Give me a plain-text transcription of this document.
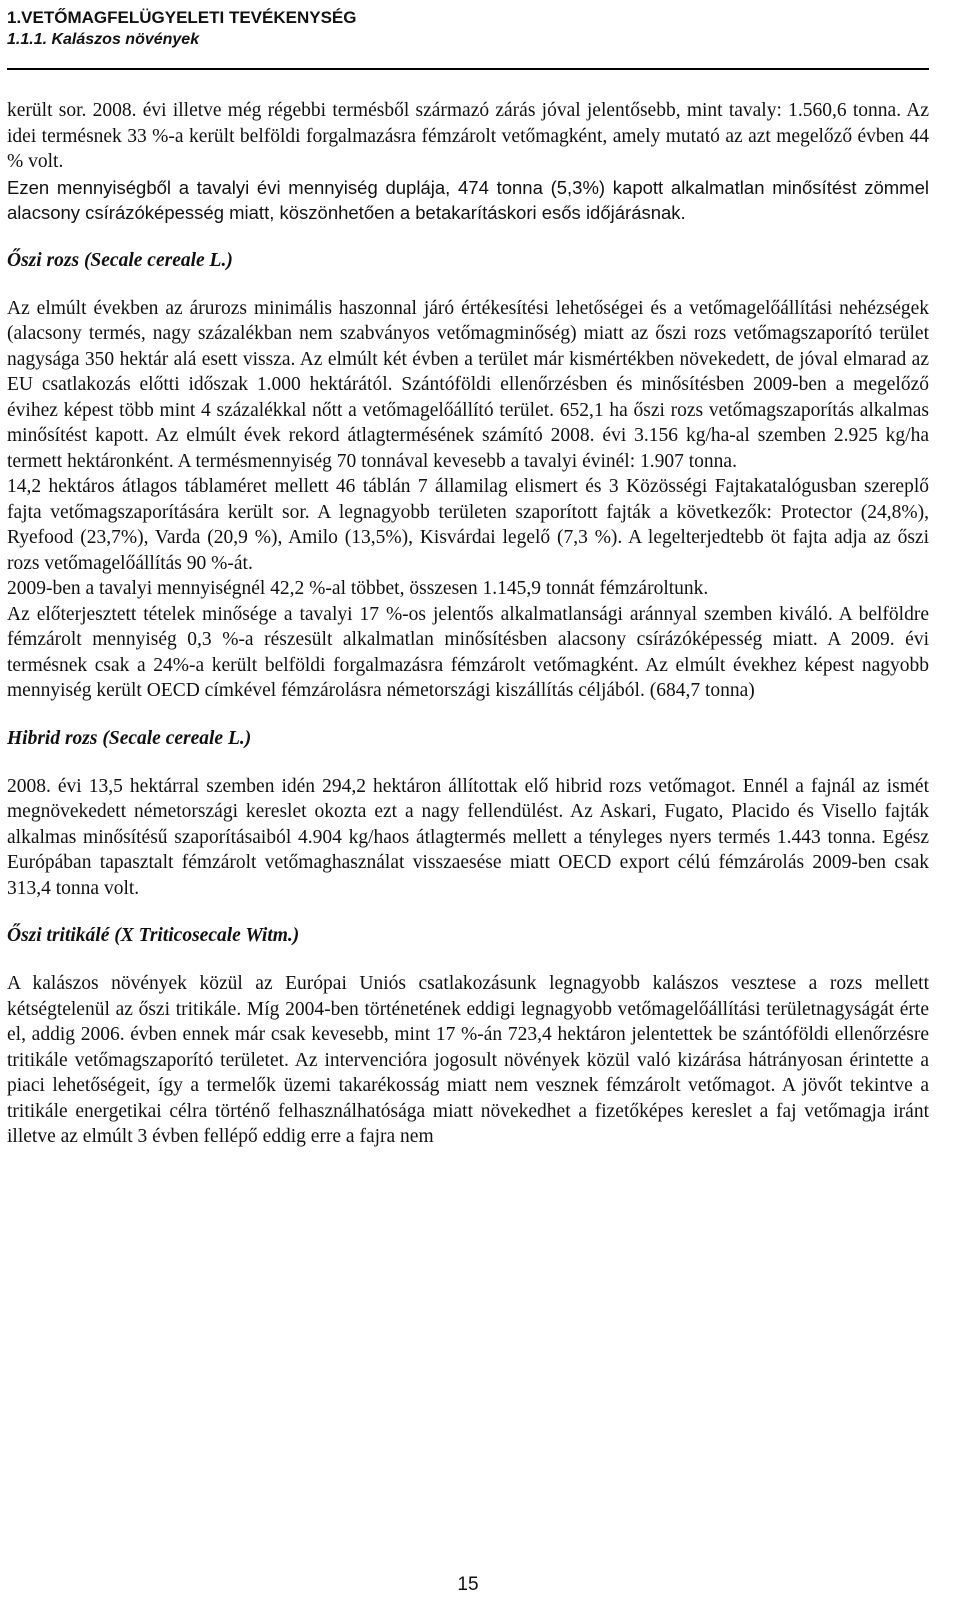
1.VETŐMAGFELÜGYELETI TEVÉKENYSÉG
1.1.1. Kalászos növények

került sor. 2008. évi illetve még régebbi termésből származó zárás jóval jelentősebb, mint tavaly: 1.560,6 tonna. Az idei termésnek 33 %-a került belföldi forgalmazásra fémzárolt vetőmagként, amely mutató az azt megelőző évben 44 % volt.

Ezen mennyiségből a tavalyi évi mennyiség duplája, 474 tonna (5,3%) kapott alkalmatlan minősítést zömmel alacsony csírázóképesség miatt, köszönhetően a betakarításkori esős időjárásnak.

Őszi rozs (Secale cereale L.)

Az elmúlt években az árurozs minimális haszonnal járó értékesítési lehetőségei és a vetőmagelőállítási nehézségek (alacsony termés, nagy százalékban nem szabványos vetőmagminőség) miatt az őszi rozs vetőmagszaporító terület nagysága 350 hektár alá esett vissza. Az elmúlt két évben a terület már kismértékben növekedett, de jóval elmarad az EU csatlakozás előtti időszak 1.000 hektárától. Szántóföldi ellenőrzésben és minősítésben 2009-ben a megelőző évihez képest több mint 4 százalékkal nőtt a vetőmagelőállító terület. 652,1 ha őszi rozs vetőmagszaporítás alkalmas minősítést kapott. Az elmúlt évek rekord átlagtermésének számító 2008. évi 3.156 kg/ha-al szemben 2.925 kg/ha termett hektáronként. A termésmennyiség 70 tonnával kevesebb a tavalyi évinél: 1.907 tonna.

14,2 hektáros átlagos táblaméret mellett 46 táblán 7 államilag elismert és 3 Közösségi Fajtakatalógusban szereplő fajta vetőmagszaporítására került sor. A legnagyobb területen szaporított fajták a következők: Protector (24,8%), Ryefood (23,7%), Varda (20,9 %), Amilo (13,5%), Kisvárdai legelő (7,3 %). A legelterjedtebb öt fajta adja az őszi rozs vetőmagelőállítás 90 %-át.

2009-ben a tavalyi mennyiségnél 42,2 %-al többet, összesen 1.145,9 tonnát fémzároltunk.

Az előterjesztett tételek minősége a tavalyi 17 %-os jelentős alkalmatlansági aránnyal szemben kiváló. A belföldre fémzárolt mennyiség 0,3 %-a részesült alkalmatlan minősítésben alacsony csírázóképesség miatt. A 2009. évi termésnek csak a 24%-a került belföldi forgalmazásra fémzárolt vetőmagként. Az elmúlt évekhez képest nagyobb mennyiség került OECD címkével fémzárolásra németországi kiszállítás céljából. (684,7 tonna)

Hibrid rozs (Secale cereale L.)

2008. évi 13,5 hektárral szemben idén 294,2 hektáron állítottak elő hibrid rozs vetőmagot. Ennél a fajnál az ismét megnövekedett németországi kereslet okozta ezt a nagy fellendülést. Az Askari, Fugato, Placido és Visello fajták alkalmas minősítésű szaporításaiból 4.904 kg/haos átlagtermés mellett a tényleges nyers termés 1.443 tonna. Egész Európában tapasztalt fémzárolt vetőmaghasználat visszaesése miatt OECD export célú fémzárolás 2009-ben csak 313,4 tonna volt.

Őszi tritikálé (X Triticosecale Witm.)

A kalászos növények közül az Európai Uniós csatlakozásunk legnagyobb kalászos vesztese a rozs mellett kétségtelenül az őszi tritikále. Míg 2004-ben történetének eddigi legnagyobb vetőmagelőállítási területnagyságát érte el, addig 2006. évben ennek már csak kevesebb, mint 17 %-án 723,4 hektáron jelentettek be szántóföldi ellenőrzésre tritikále vetőmagszaporító területet. Az intervencióra jogosult növények közül való kizárása hátrányosan érintette a piaci lehetőségeit, így a termelők üzemi takarékosság miatt nem vesznek fémzárolt vetőmagot. A jövőt tekintve a tritikále energetikai célra történő felhasználhatósága miatt növekedhet a fizetőképes kereslet a faj vetőmagja iránt illetve az elmúlt 3 évben fellépő eddig erre a fajra nem

15
